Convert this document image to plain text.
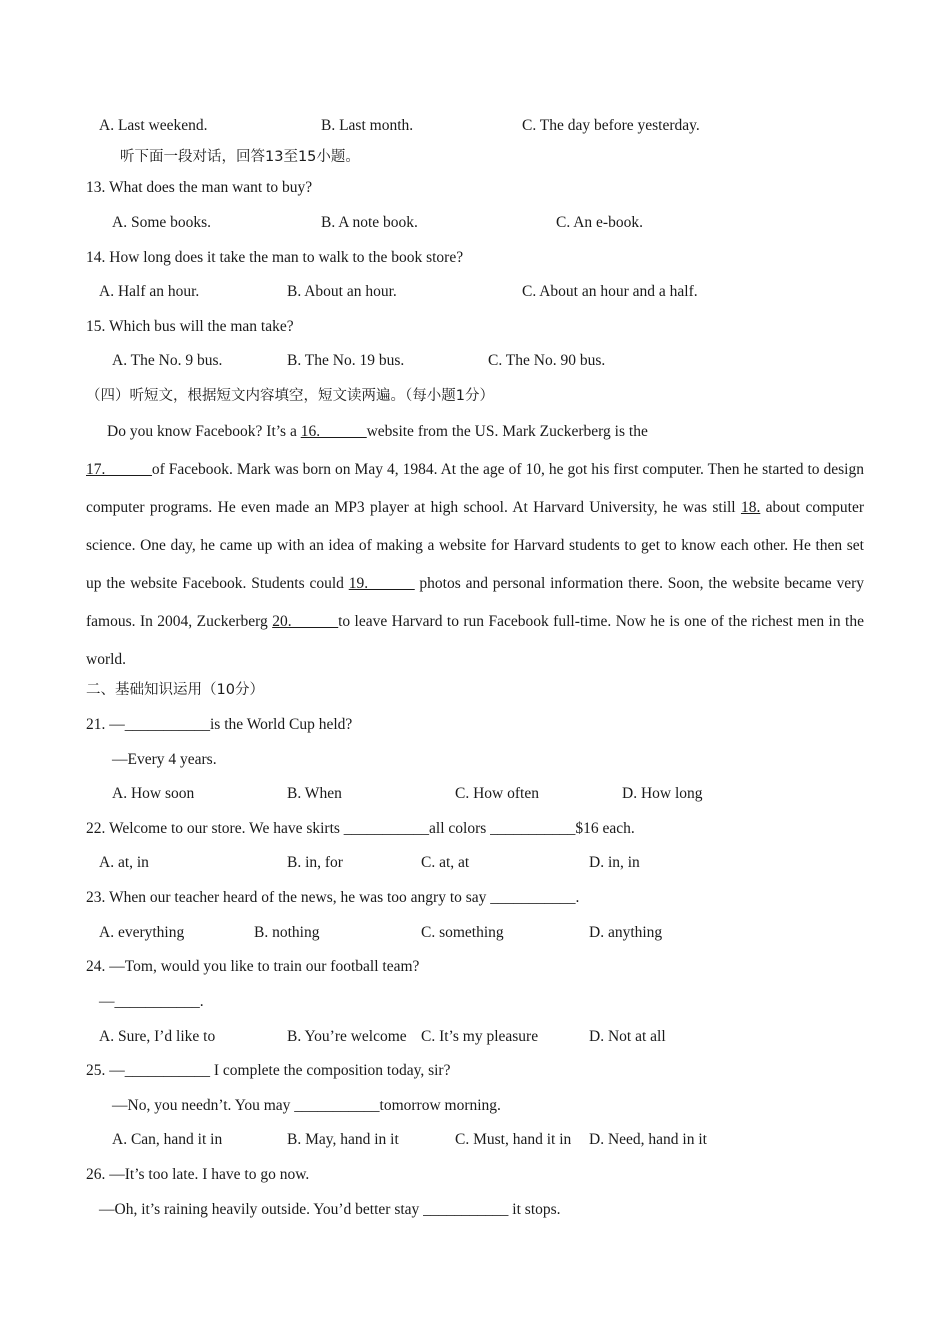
A. Last weekend.	B. Last month.	C. The day before yesterday.
听下面一段对话，回答13至15小题。
13. What does the man want to buy?
A. Some books.	B. A note book.	C. An e-book.
14. How long does it take the man to walk to the book store?
A. Half an hour.	B. About an hour.	C. About an hour and a half.
15. Which bus will the man take?
A. The No. 9 bus.	B. The No. 19 bus.	C. The No. 90 bus.
（四）听短文，根据短文内容填空，短文读两遍。（每小题1分）
Do you know Facebook? It’s a 16.______website from the US. Mark Zuckerberg is the
17.______of Facebook. Mark was born on May 4, 1984. At the age of 10, he got his first computer. Then he started to design computer programs. He even made an MP3 player at high school. At Harvard University, he was still 18. about computer science. One day, he came up with an idea of making a website for Harvard students to get to know each other. He then set up the website Facebook. Students could 19.______ photos and personal information there. Soon, the website became very famous. In 2004, Zuckerberg 20.______to leave Harvard to run Facebook full-time. Now he is one of the richest men in the world.
二、基础知识运用（10分）
21. —___________is the World Cup held?
—Every 4 years.
A. How soon	B. When	C. How often	D. How long
22. Welcome to our store. We have skirts ___________all colors ___________$16 each.
A. at, in	B. in, for	C. at, at	D. in, in
23. When our teacher heard of the news, he was too angry to say ___________.
A. everything	B. nothing	C. something	D. anything
24. —Tom, would you like to train our football team?
—___________.
A. Sure, I’d like to	B. You’re welcome C. It’s my pleasure	D. Not at all
25. —___________ I complete the composition today, sir?
—No, you needn’t. You may ___________tomorrow morning.
A. Can, hand it in	B. May, hand in it	C. Must, hand it in D. Need, hand in it
26. —It’s too late. I have to go now.
—Oh, it’s raining heavily outside. You’d better stay ___________ it stops.
